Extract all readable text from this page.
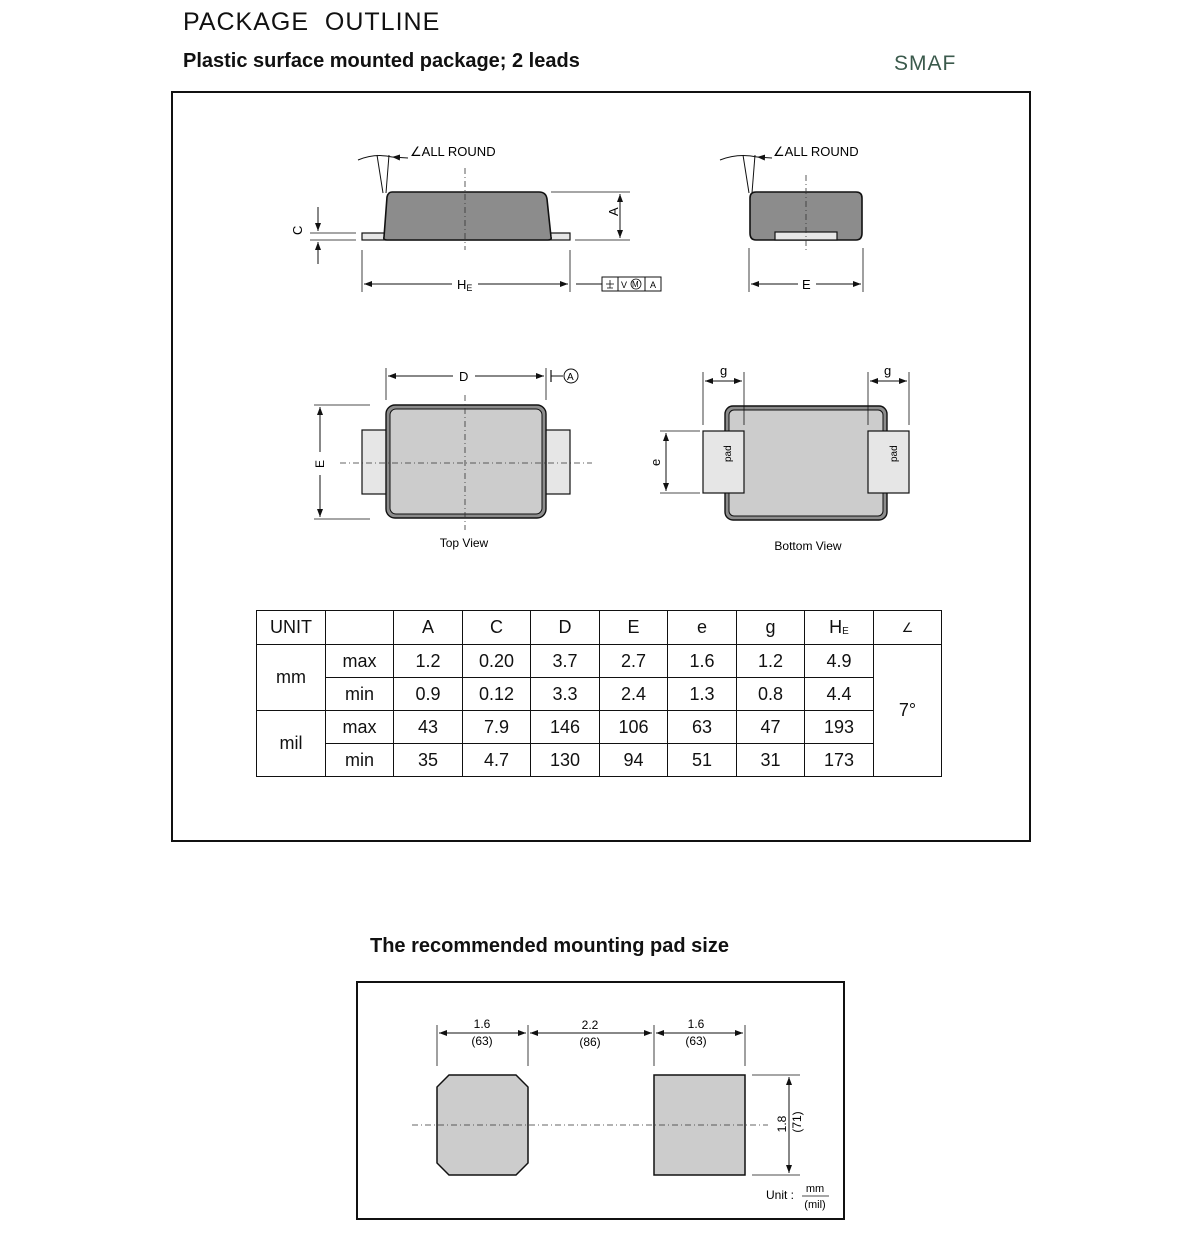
PACKAGE  OUTLINE
Plastic surface mounted package; 2 leads	SMAF
∠ALL ROUND
A
C
HE	V M A
∠ALL ROUND
E
D	A
E
Top View
pad	pad
g	g
e
Bottom View
UNIT		A	C	D	E	e	g	$H_E$	∠
mm	max	1.2	0.20	3.7	2.7	1.6	1.2	4.9	7°
	min	0.9	0.12	3.3	2.4	1.3	0.8	4.4	
mil	max	43	7.9	146	106	63	47	193	
	min	35	4.7	130	94	51	31	173	
The recommended mounting pad size
1.6
(63)
2.2
(86)
1.6
(63)
1.8 (71)
Unit : mm
(mil)
